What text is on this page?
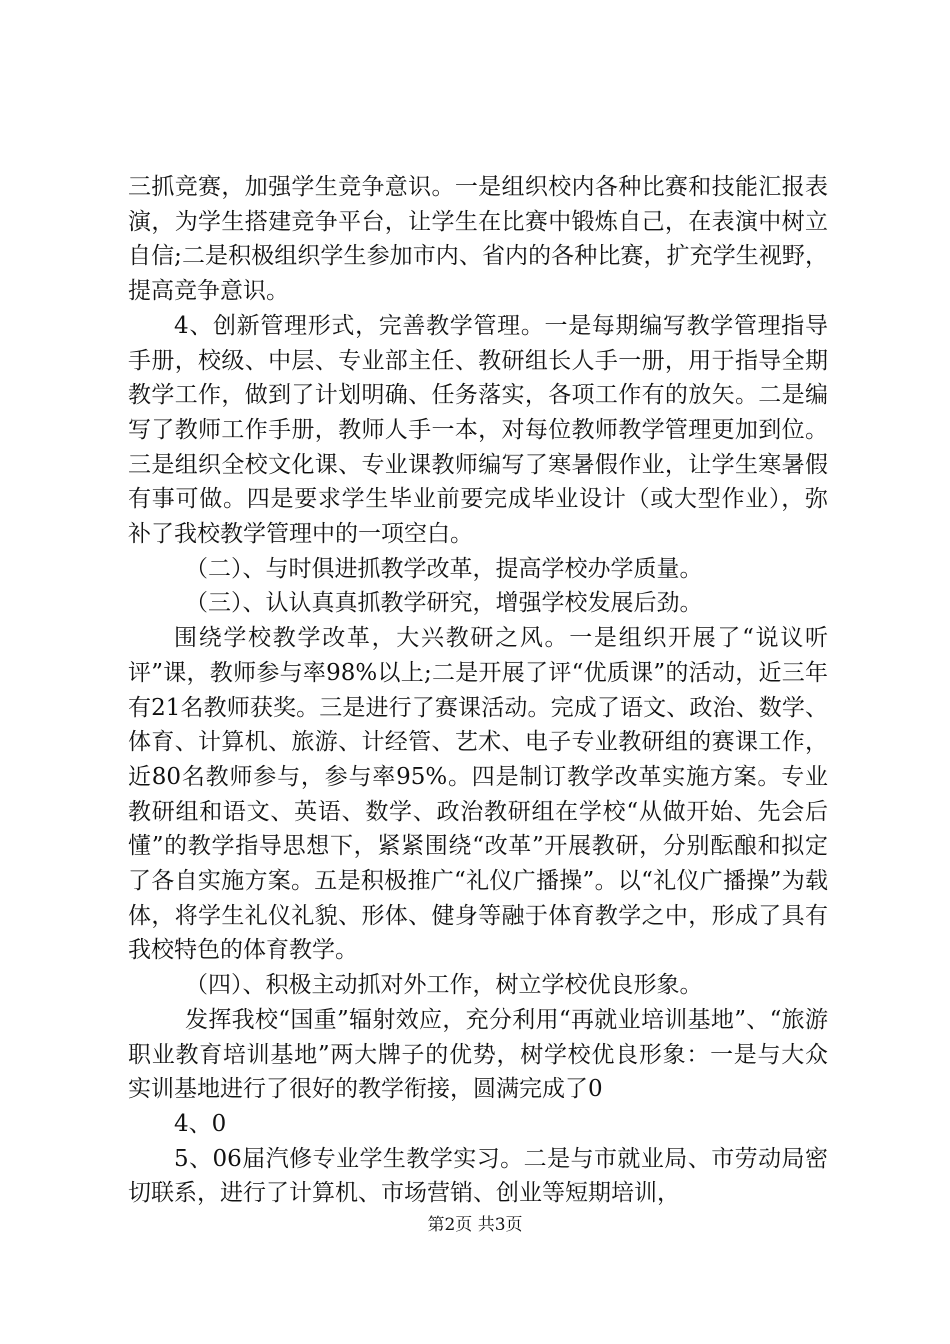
三抓竞赛，加强学生竞争意识。一是组织校内各种比赛和技能汇报表演，为学生搭建竞争平台，让学生在比赛中锻炼自己，在表演中树立自信;二是积极组织学生参加市内、省内的各种比赛，扩充学生视野，提高竞争意识。

4、创新管理形式，完善教学管理。一是每期编写教学管理指导手册，校级、中层、专业部主任、教研组长人手一册，用于指导全期教学工作，做到了计划明确、任务落实，各项工作有的放矢。二是编写了教师工作手册，教师人手一本，对每位教师教学管理更加到位。三是组织全校文化课、专业课教师编写了寒暑假作业，让学生寒暑假有事可做。四是要求学生毕业前要完成毕业设计（或大型作业），弥补了我校教学管理中的一项空白。

（二）、与时俱进抓教学改革，提高学校办学质量。

（三）、认认真真抓教学研究，增强学校发展后劲。

围绕学校教学改革，大兴教研之风。一是组织开展了“说议听评”课，教师参与率98%以上;二是开展了评“优质课”的活动，近三年有21名教师获奖。三是进行了赛课活动。完成了语文、政治、数学、体育、计算机、旅游、计经管、艺术、电子专业教研组的赛课工作，近80名教师参与，参与率95%。四是制订教学改革实施方案。专业教研组和语文、英语、数学、政治教研组在学校“从做开始、先会后懂”的教学指导思想下，紧紧围绕“改革”开展教研，分别酝酿和拟定了各自实施方案。五是积极推广“礼仪广播操”。以“礼仪广播操”为载体，将学生礼仪礼貌、形体、健身等融于体育教学之中，形成了具有我校特色的体育教学。

（四）、积极主动抓对外工作，树立学校优良形象。

发挥我校“国重”辐射效应，充分利用“再就业培训基地”、“旅游职业教育培训基地”两大牌子的优势，树学校优良形象：一是与大众实训基地进行了很好的教学衔接，圆满完成了0

4、0

5、06届汽修专业学生教学实习。二是与市就业局、市劳动局密切联系，进行了计算机、市场营销、创业等短期培训，

第2页 共3页
